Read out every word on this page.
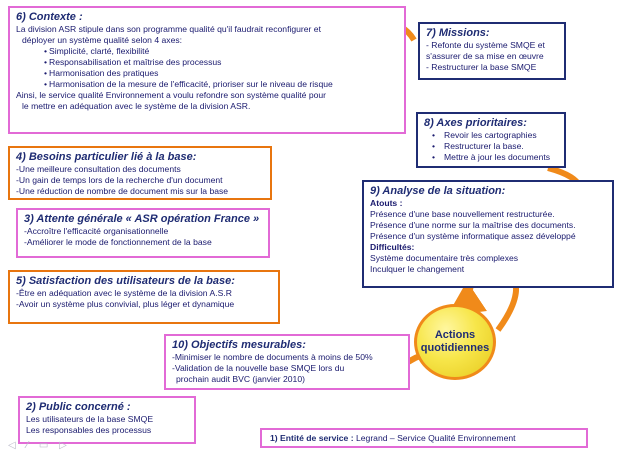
6) Contexte :
La division ASR stipule dans son programme qualité qu'il faudrait reconfigurer et
déployer un système qualité selon 4 axes:
• Simplicité, clarté, flexibilité
• Responsabilisation et maîtrise des processus
• Harmonisation des pratiques
• Harmonisation de la mesure de l'efficacité, prioriser sur le niveau de risque
Ainsi, le service qualité Environnement a voulu refondre son système qualité pour
le mettre en adéquation avec le système de la division ASR.
7) Missions:
- Refonte du système SMQE et
s'assurer de sa mise en œuvre
- Restructurer la base SMQE
8) Axes prioritaires:
• Revoir les cartographies
• Restructurer la base.
• Mettre à jour les documents
4) Besoins particulier lié à la base:
-Une meilleure consultation des documents
-Un gain de temps lors de la recherche d'un document
-Une réduction de nombre de document mis sur la base	9) Analyse de la situation:
Atouts :
Présence d'une base nouvellement restructurée.
Présence d'une norme sur la maîtrise des documents.
Présence d'un système informatique assez développé
Difficultés:
Système documentaire très complexes
Inculquer le changement
3) Attente générale « ASR opération France »
-Accroître l'efficacité organisationnelle
-Améliorer le mode de fonctionnement de la base
5) Satisfaction des utilisateurs de la base:
-Être en adéquation avec le système de la division A.S.R
-Avoir un système plus convivial, plus léger et dynamique
Actions
quotidiennes
10) Objectifs mesurables:
-Minimiser le nombre de documents à moins de 50%
-Validation de la nouvelle base SMQE lors du
prochain audit BVC (janvier 2010)
2) Public concerné :
Les utilisateurs de la base SMQE
Les responsables des processus
1) Entité de service : Legrand – Service Qualité Environnement
◁ ⁄ ▭ ▷
